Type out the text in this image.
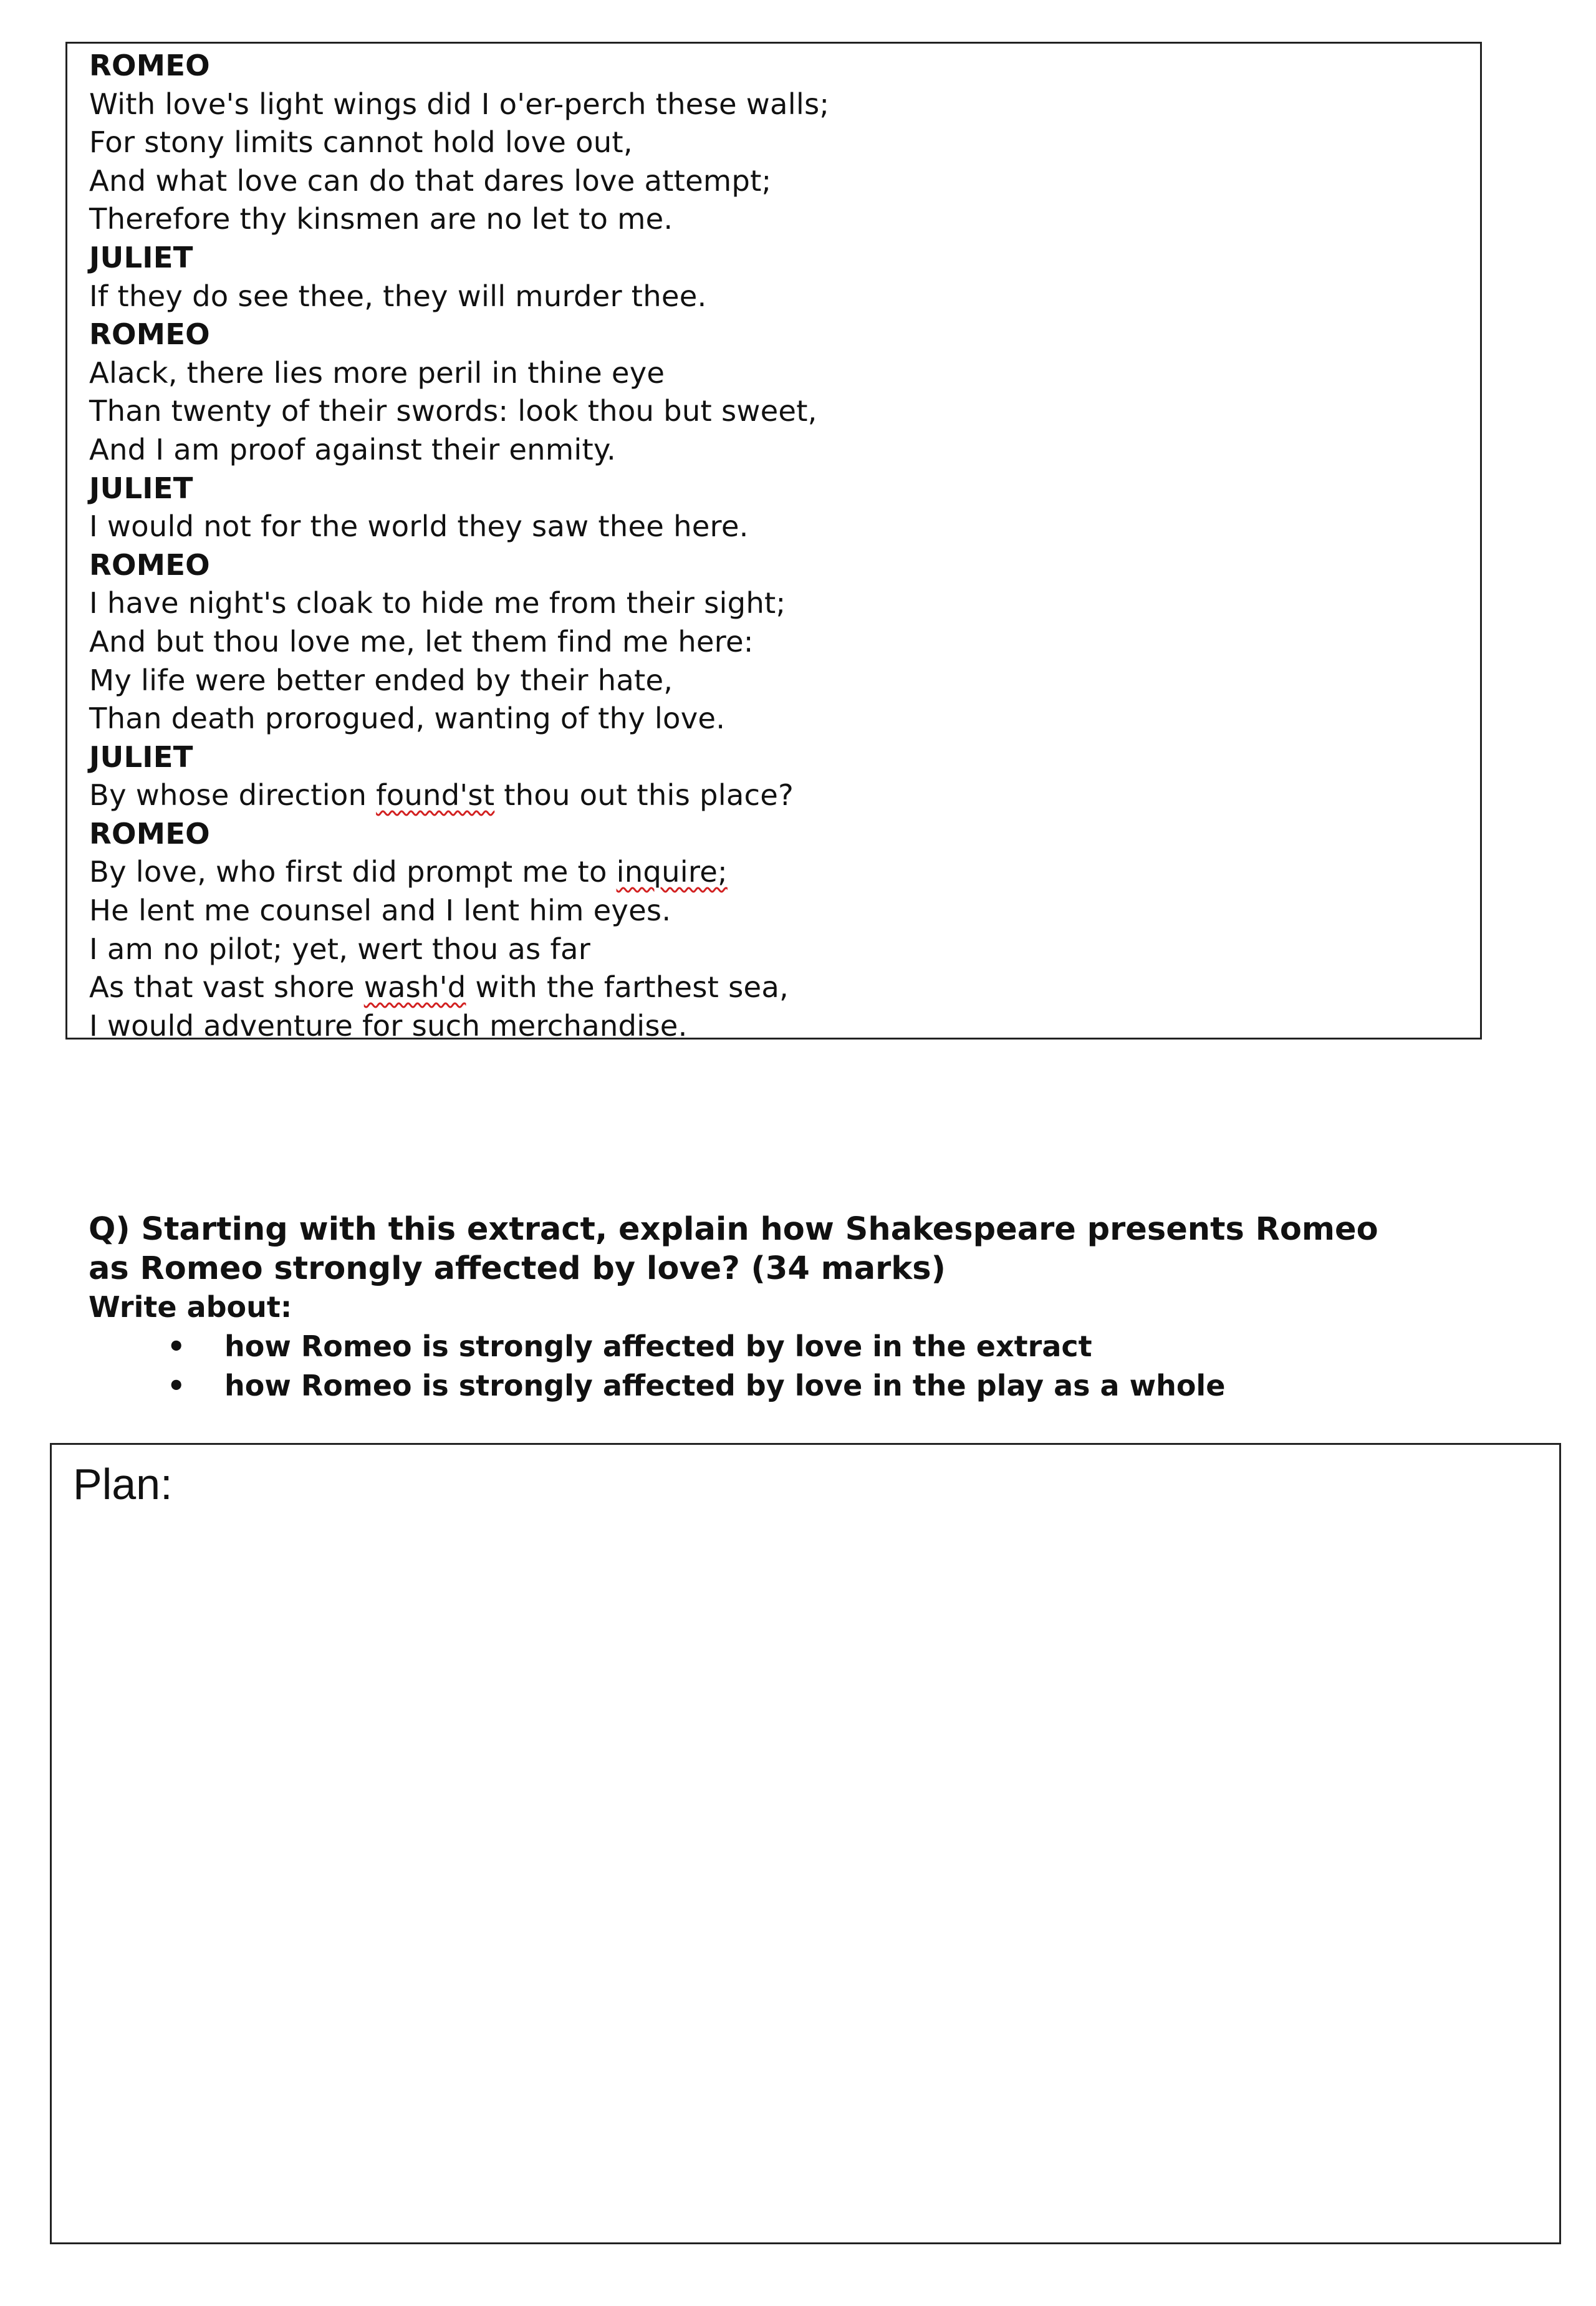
ROMEO
With love's light wings did I o'er-perch these walls;
For stony limits cannot hold love out,
And what love can do that dares love attempt;
Therefore thy kinsmen are no let to me.
JULIET
If they do see thee, they will murder thee.
ROMEO
Alack, there lies more peril in thine eye
Than twenty of their swords: look thou but sweet,
And I am proof against their enmity.
JULIET
I would not for the world they saw thee here.
ROMEO
I have night's cloak to hide me from their sight;
And but thou love me, let them find me here:
My life were better ended by their hate,
Than death prorogued, wanting of thy love.
JULIET
By whose direction found'st thou out this place?
ROMEO
By love, who first did prompt me to inquire;
He lent me counsel and I lent him eyes.
I am no pilot; yet, wert thou as far
As that vast shore wash'd with the farthest sea,
I would adventure for such merchandise.
Q) Starting with this extract, explain how Shakespeare presents Romeo
as Romeo strongly affected by love? (34 marks)
Write about:
• how Romeo is strongly affected by love in the extract
• how Romeo is strongly affected by love in the play as a whole
Plan:
